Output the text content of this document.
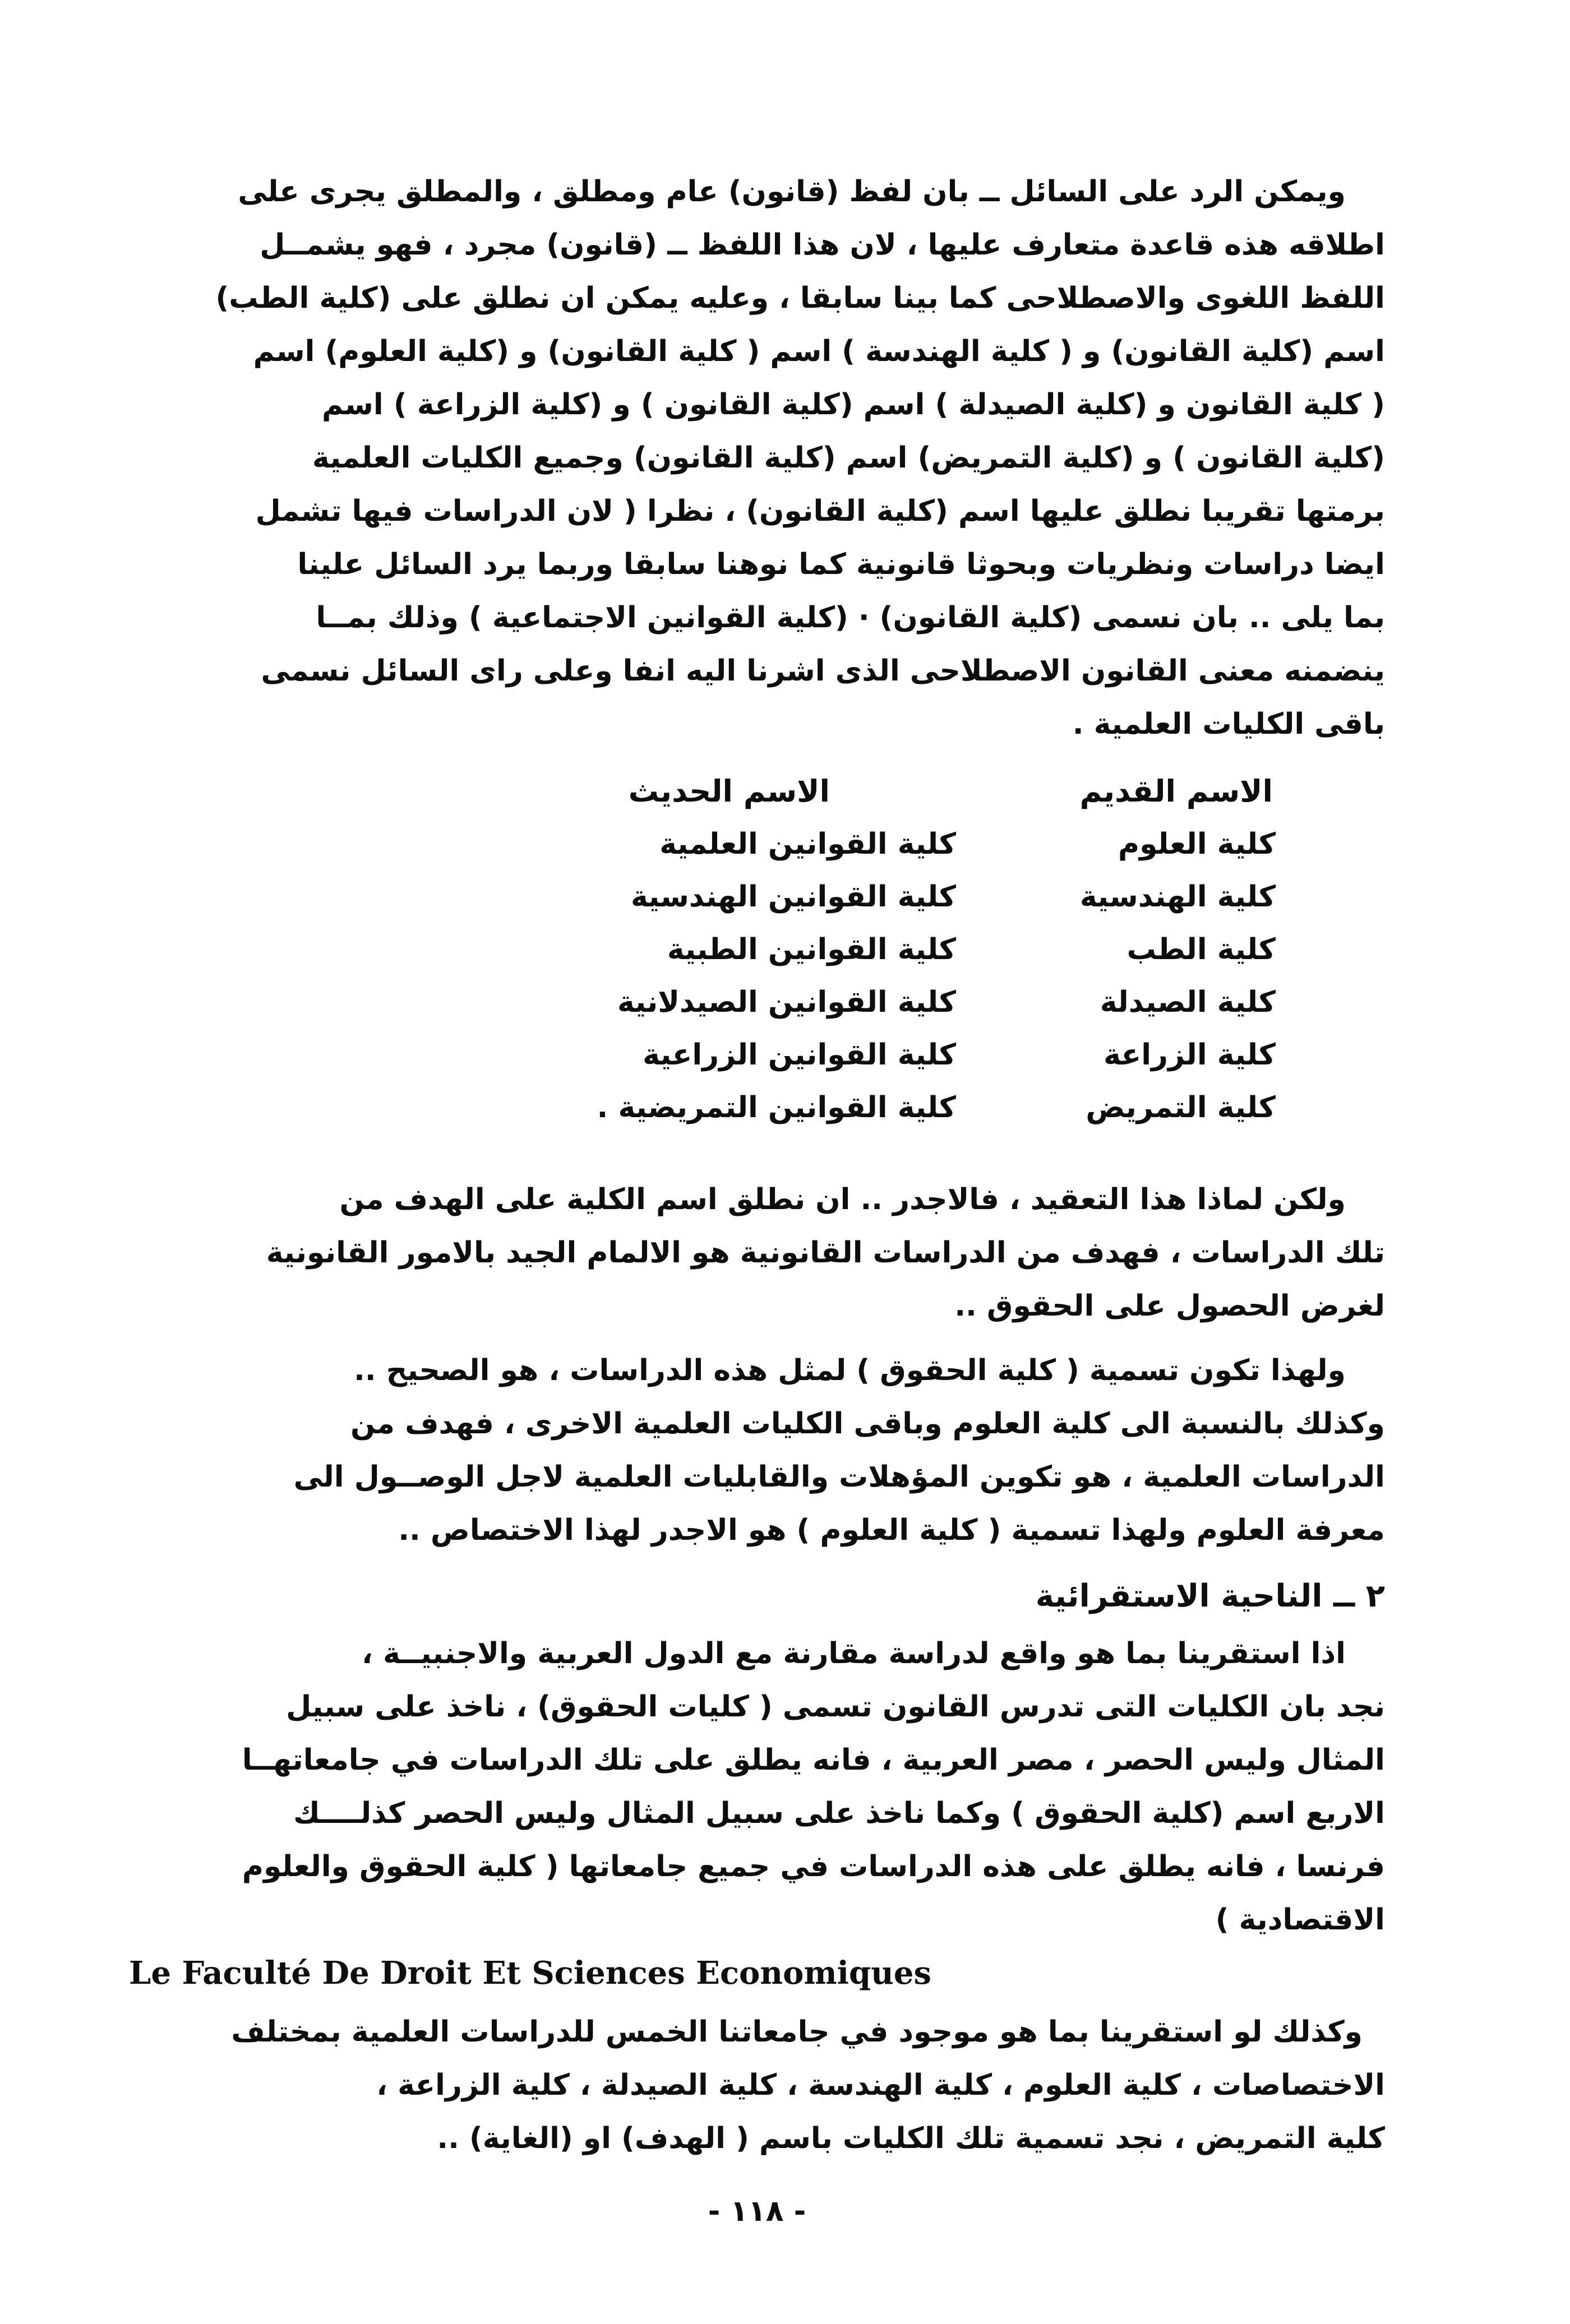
ويمكن الرد على السائل ــ بان لفظ (قانون) عام ومطلق ، والمطلق يجرى على
اطلاقه هذه قاعدة متعارف عليها ، لان هذا اللفظ ــ (قانون) مجرد ، فهو يشمــل
اللفظ اللغوى والاصطلاحى كما بينا سابقا ، وعليه يمكن ان نطلق على (كلية الطب)
اسم (كلية القانون) و ( كلية الهندسة ) اسم ( كلية القانون) و (كلية العلوم) اسم
( كلية القانون و (كلية الصيدلة ) اسم (كلية القانون ) و (كلية الزراعة ) اسم
(كلية القانون ) و (كلية التمريض) اسم (كلية القانون) وجميع الكليات العلمية
برمتها تقريبا نطلق عليها اسم (كلية القانون) ، نظرا ( لان الدراسات فيها تشمل
ايضا دراسات ونظريات وبحوثا قانونية كما نوهنا سابقا وربما يرد السائل علينا
بما يلى .. بان نسمى (كلية القانون) · (كلية القوانين الاجتماعية ) وذلك بمــا
ينضمنه معنى القانون الاصطلاحى الذى اشرنا اليه انفا وعلى راى السائل نسمى
باقى الكليات العلمية .
الاسم القديم
الاسم الحديث
كلية العلوم
كلية القوانين العلمية
كلية الهندسية
كلية القوانين الهندسية
كلية الطب
كلية القوانين الطبية
كلية الصيدلة
كلية القوانين الصيدلانية
كلية الزراعة
كلية القوانين الزراعية
كلية التمريض
كلية القوانين التمريضية .
ولكن لماذا هذا التعقيد ، فالاجدر .. ان نطلق اسم الكلية على الهدف من
تلك الدراسات ، فهدف من الدراسات القانونية هو الالمام الجيد بالامور القانونية
لغرض الحصول على الحقوق ..
ولهذا تكون تسمية ( كلية الحقوق ) لمثل هذه الدراسات ، هو الصحيح ..
وكذلك بالنسبة الى كلية العلوم وباقى الكليات العلمية الاخرى ، فهدف من
الدراسات العلمية ، هو تكوين المؤهلات والقابليات العلمية لاجل الوصــول الى
معرفة العلوم ولهذا تسمية ( كلية العلوم ) هو الاجدر لهذا الاختصاص ..
٢ ــ الناحية الاستقرائية
اذا استقرينا بما هو واقع لدراسة مقارنة مع الدول العربية والاجنبيــة ،
نجد بان الكليات التى تدرس القانون تسمى ( كليات الحقوق) ، ناخذ على سبيل
المثال وليس الحصر ، مصر العربية ، فانه يطلق على تلك الدراسات في جامعاتهــا
الاربع اسم (كلية الحقوق ) وكما ناخذ على سبيل المثال وليس الحصر كذلــــك
فرنسا ، فانه يطلق على هذه الدراسات في جميع جامعاتها ( كلية الحقوق والعلوم
الاقتصادية )
Le Faculté De Droit Et Sciences Economiques
وكذلك لو استقرينا بما هو موجود في جامعاتنا الخمس للدراسات العلمية بمختلف
الاختصاصات ، كلية العلوم ، كلية الهندسة ، كلية الصيدلة ، كلية الزراعة ،
كلية التمريض ، نجد تسمية تلك الكليات باسم ( الهدف) او (الغاية) ..
- ١١٨ -
